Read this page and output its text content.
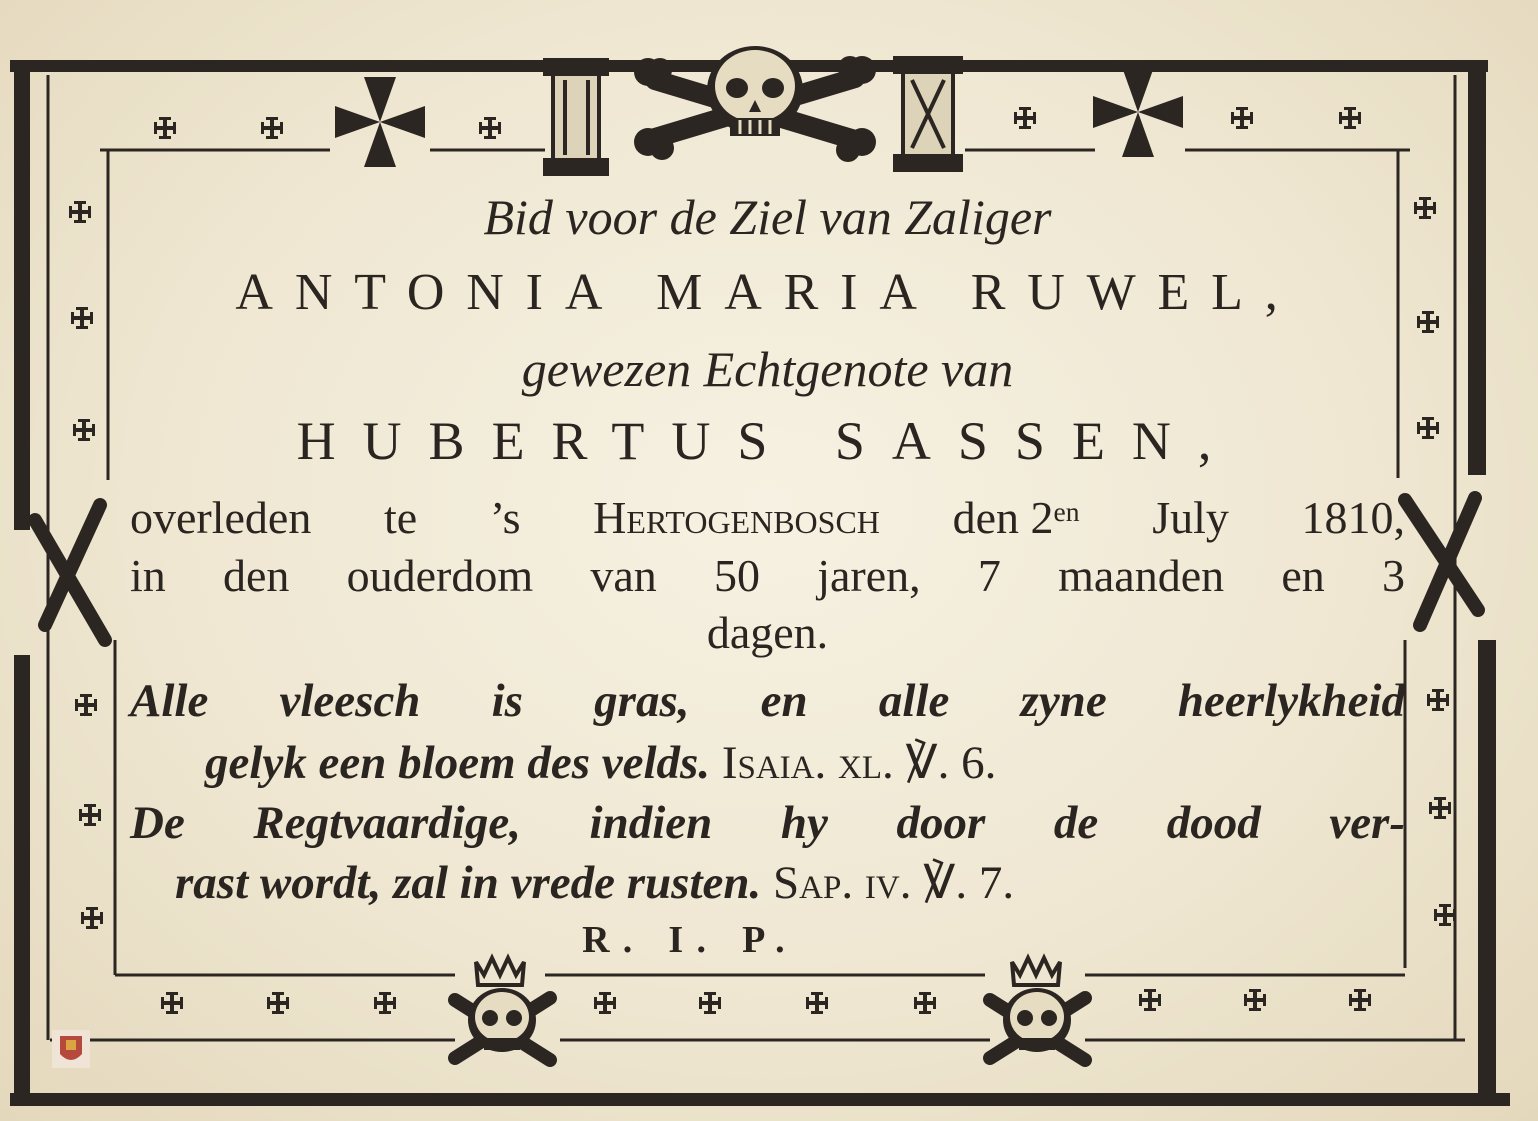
Bid voor de Ziel van Zaliger
ANTONIA MARIA RUWEL,
gewezen Echtgenote van
HUBERTUS SASSEN,
overleden te ’s Hertogenbosch den $2^{en}$ July 1810,
in den ouderdom van 50 jaren, 7 maanden en 3
dagen.
Alle vleesch is gras, en alle zyne heerlykheid
gelyk een bloem des velds. Isaia. xl. ℣. 6.
De Regtvaardige, indien hy door de dood ver-
rast wordt, zal in vrede rusten. Sap. iv. ℣. 7.
R. I. P.
